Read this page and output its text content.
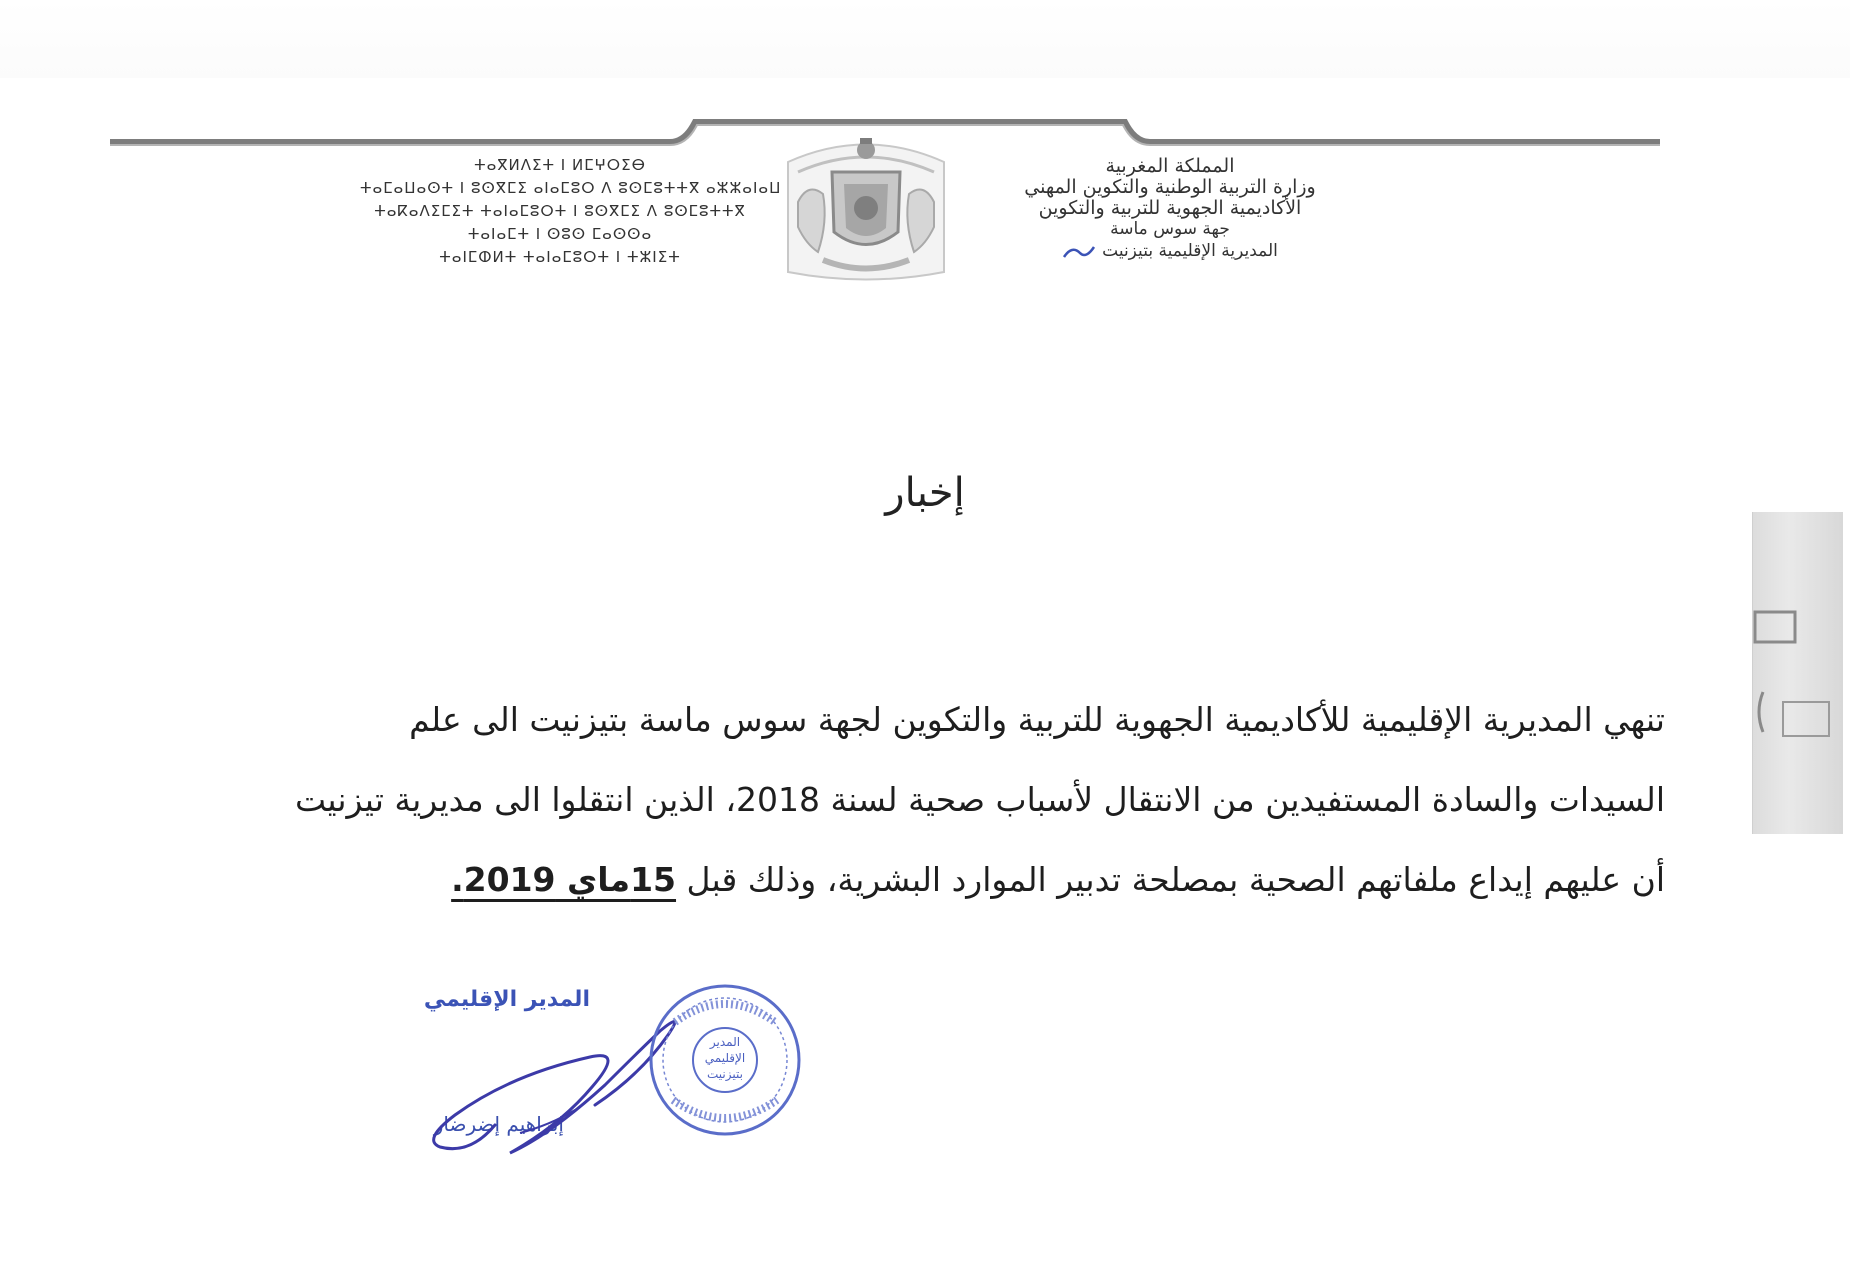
المملكة المغربية
وزارة التربية الوطنية والتكوين المهني
الأكاديمية الجهوية للتربية والتكوين
جهة سوس ماسة
المديرية الإقليمية بتيزنيت
ⵜⴰⴳⵍⴷⵉⵜ ⵏ ⵍⵎⵖⵔⵉⴱ
ⵜⴰⵎⴰⵡⴰⵙⵜ ⵏ ⵓⵙⴳⵎⵉ ⴰⵏⴰⵎⵓⵔ ⴷ ⵓⵙⵎⵓⵜⵜⴳ ⴰⵣⵣⴰⵏⴰⵡ
ⵜⴰⴽⴰⴷⵉⵎⵉⵜ ⵜⴰⵏⴰⵎⵓⵔⵜ ⵏ ⵓⵙⴳⵎⵉ ⴷ ⵓⵙⵎⵓⵜⵜⴳ
ⵜⴰⵏⴰⵎⵜ ⵏ ⵙⵓⵙ ⵎⴰⵙⵙⴰ
ⵜⴰⵏⵎⵀⵍⵜ ⵜⴰⵏⴰⵎⵓⵔⵜ ⵏ ⵜⵣⵏⵉⵜ
إخبار
تنهي المديرية الإقليمية للأكاديمية الجهوية للتربية والتكوين لجهة سوس ماسة بتيزنيت الى علم
السيدات والسادة المستفيدين من الانتقال لأسباب صحية لسنة 2018، الذين انتقلوا الى مديرية تيزنيت
أن عليهم إيداع ملفاتهم الصحية بمصلحة تدبير الموارد البشرية، وذلك قبل 15ماي 2019.
المدير الإقليمي
إبراهيم إضرضار
المدير
الإقليمي
بتيزنيت
